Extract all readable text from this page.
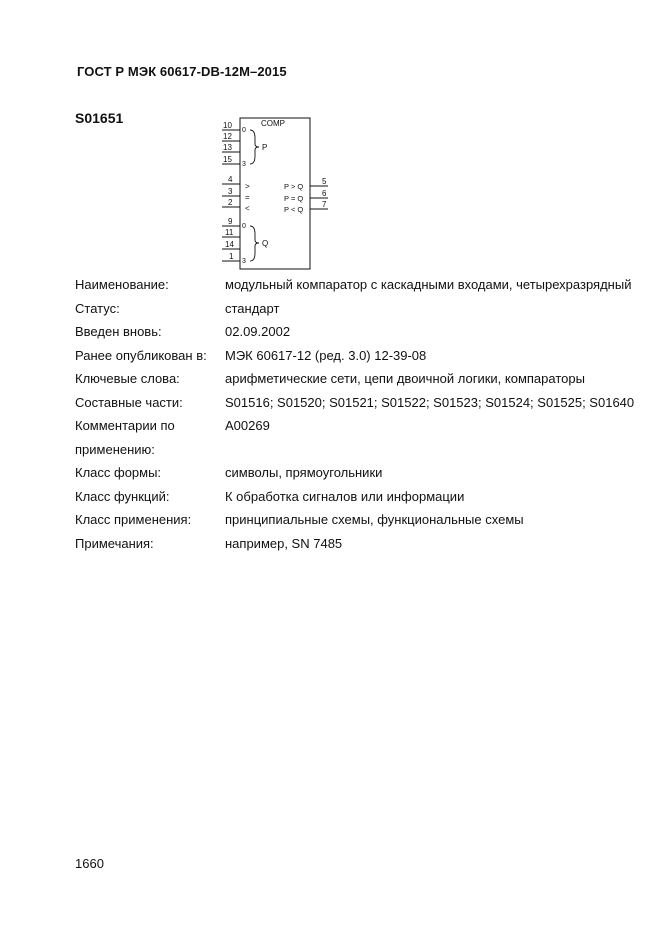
ГОСТ Р МЭК 60617-DB-12M–2015
S01651	COMP
10
12
13
15
0
3
P
4
3
2
>
=
<
P > Q
P = Q
P < Q
5
6
7
9
11
14
1
0
3
Q
Наименование:	модульный компаратор с каскадными входами, четырехразрядный
Статус:	стандарт
Введен вновь:	02.09.2002
Ранее опубликован в:	МЭК 60617-12 (ред. 3.0) 12-39-08
Ключевые слова:	арифметические сети, цепи двоичной логики, компараторы
Составные части:	S01516; S01520; S01521; S01522; S01523; S01524; S01525; S01640
Комментарии по	A00269
применению:
Класс формы:	символы, прямоугольники
Класс функций:	К обработка сигналов или информации
Класс применения:	принципиальные схемы, функциональные схемы
Примечания:	например, SN 7485
1660
